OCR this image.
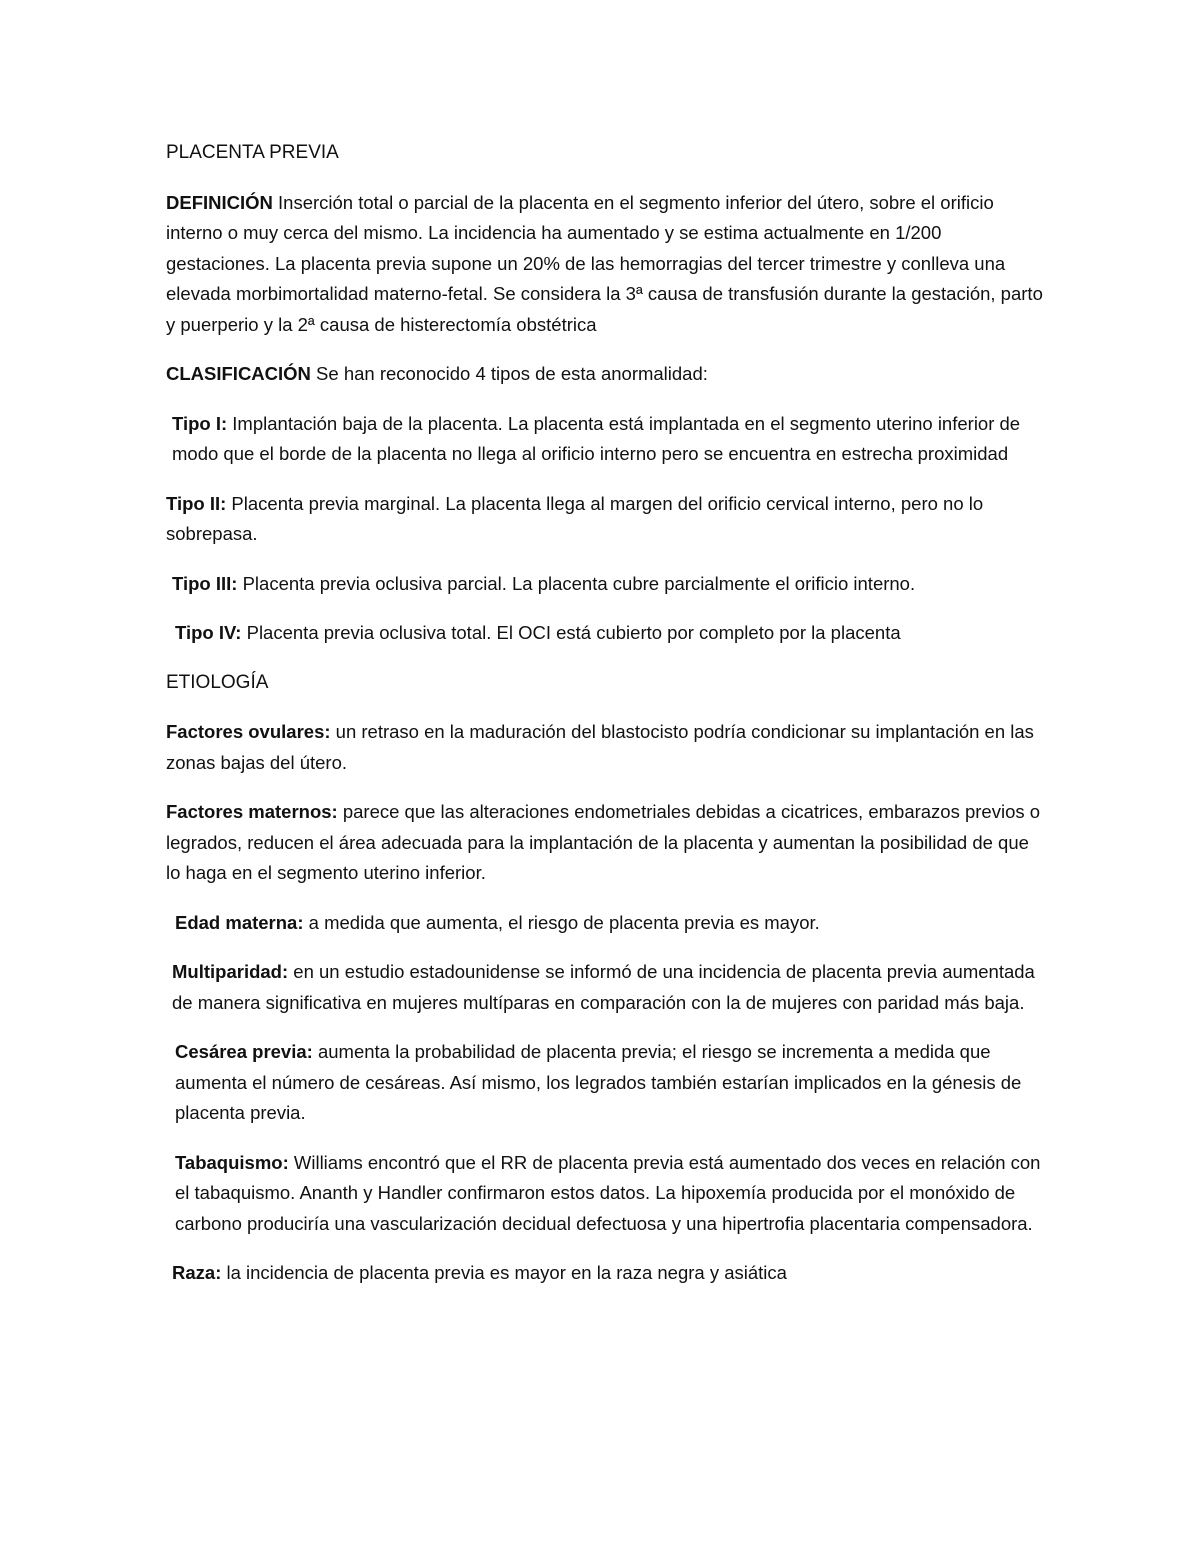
PLACENTA PREVIA

DEFINICIÓN Inserción total o parcial de la placenta en el segmento inferior del útero, sobre el orificio interno o muy cerca del mismo. La incidencia ha aumentado y se estima actualmente en 1/200 gestaciones. La placenta previa supone un 20% de las hemorragias del tercer trimestre y conlleva una elevada morbimortalidad materno-fetal. Se considera la 3ª causa de transfusión durante la gestación, parto y puerperio y la 2ª causa de histerectomía obstétrica

CLASIFICACIÓN Se han reconocido 4 tipos de esta anormalidad:

Tipo I: Implantación baja de la placenta. La placenta está implantada en el segmento uterino inferior de modo que el borde de la placenta no llega al orificio interno pero se encuentra en estrecha proximidad

Tipo II: Placenta previa marginal. La placenta llega al margen del orificio cervical interno, pero no lo sobrepasa.

Tipo III: Placenta previa oclusiva parcial. La placenta cubre parcialmente el orificio interno.

Tipo IV: Placenta previa oclusiva total. El OCI está cubierto por completo por la placenta

ETIOLOGÍA

Factores ovulares: un retraso en la maduración del blastocisto podría condicionar su implantación en las zonas bajas del útero.

Factores maternos: parece que las alteraciones endometriales debidas a cicatrices, embarazos previos o legrados, reducen el área adecuada para la implantación de la placenta y aumentan la posibilidad de que lo haga en el segmento uterino inferior.

Edad materna: a medida que aumenta, el riesgo de placenta previa es mayor.

Multiparidad: en un estudio estadounidense se informó de una incidencia de placenta previa aumentada de manera significativa en mujeres multíparas en comparación con la de mujeres con paridad más baja.

Cesárea previa: aumenta la probabilidad de placenta previa; el riesgo se incrementa a medida que aumenta el número de cesáreas. Así mismo, los legrados también estarían implicados en la génesis de placenta previa.

Tabaquismo: Williams encontró que el RR de placenta previa está aumentado dos veces en relación con el tabaquismo. Ananth y Handler confirmaron estos datos. La hipoxemía producida por el monóxido de carbono produciría una vascularización decidual defectuosa y una hipertrofia placentaria compensadora.

Raza: la incidencia de placenta previa es mayor en la raza negra y asiática
